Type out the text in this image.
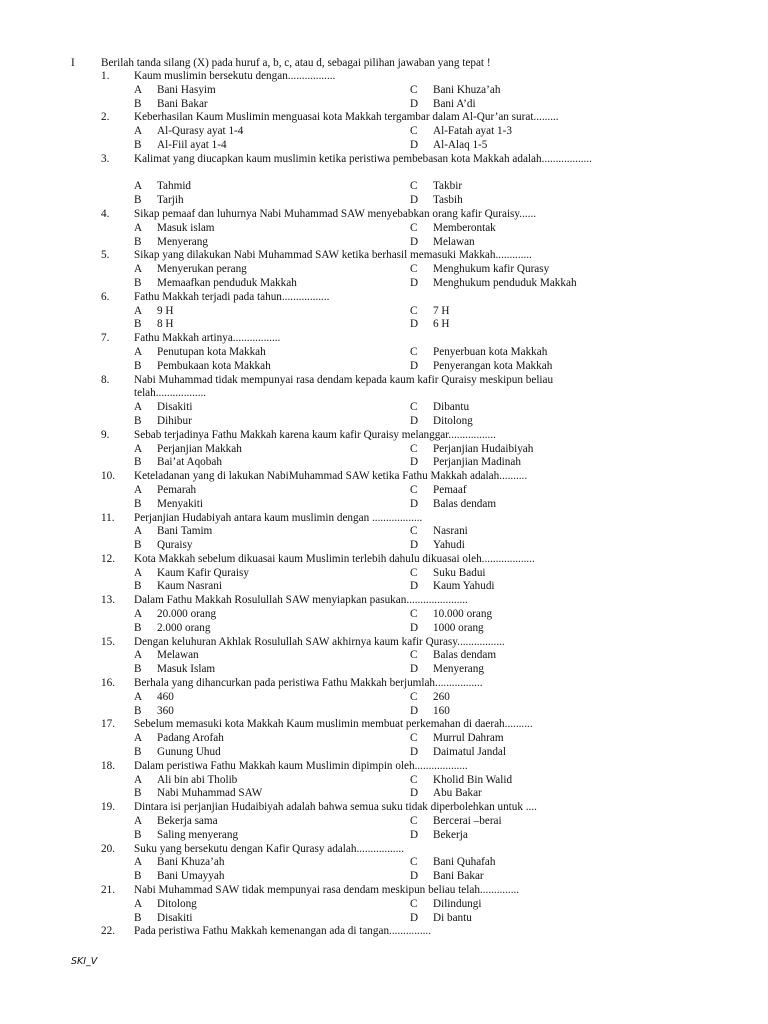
I Berilah tanda silang (X) pada huruf a, b, c, atau d, sebagai pilihan jawaban yang tepat !
1. Kaum muslimin bersekutu dengan.................
A Bani Hasyim	C Bani Khuza’ah
B Bani Bakar	D Bani A’di
2. Keberhasilan Kaum Muslimin menguasai kota Makkah tergambar dalam Al-Qur’an surat.........
A Al-Qurasy ayat 1-4	C Al-Fatah ayat 1-3
B Al-Fiil ayat 1-4	D Al-Alaq 1-5
3. Kalimat yang diucapkan kaum muslimin ketika peristiwa pembebasan kota Makkah adalah..................
A Tahmid	C Takbir
B Tarjih	D Tasbih
4. Sikap pemaaf dan luhurnya Nabi Muhammad SAW menyebabkan orang kafir Quraisy......
A Masuk islam	C Memberontak
B Menyerang	D Melawan
5. Sikap yang dilakukan Nabi Muhammad SAW ketika berhasil memasuki Makkah.............
A Menyerukan perang	C Menghukum kafir Qurasy
B Memaafkan penduduk Makkah	D Menghukum penduduk Makkah
6. Fathu Makkah terjadi pada tahun.................
A 9 H	C 7 H
B 8 H	D 6 H
7. Fathu Makkah artinya.................
A Penutupan kota Makkah	C Penyerbuan kota Makkah
B Pembukaan kota Makkah	D Penyerangan kota Makkah
8. Nabi Muhammad tidak mempunyai rasa dendam kepada kaum kafir Quraisy meskipun beliau telah..................
A Disakiti	C Dibantu
B Dihibur	D Ditolong
9. Sebab terjadinya Fathu Makkah karena kaum kafir Quraisy melanggar.................
A Perjanjian Makkah	C Perjanjian Hudaibiyah
B Bai’at Aqobah	D Perjanjian Madinah
10. Keteladanan yang di lakukan NabiMuhammad SAW ketika Fathu Makkah adalah..........
A Pemarah	C Pemaaf
B Menyakiti	D Balas dendam
11. Perjanjian Hudabiyah antara kaum muslimin dengan ..................
A Bani Tamim	C Nasrani
B Quraisy	D Yahudi
12. Kota Makkah sebelum dikuasai kaum Muslimin terlebih dahulu dikuasai oleh...................
A Kaum Kafir Quraisy	C Suku Badui
B Kaum Nasrani	D Kaum Yahudi
13. Dalam Fathu Makkah Rosulullah SAW menyiapkan pasukan......................
A 20.000 orang	C 10.000 orang
B 2.000 orang	D 1000 orang
15. Dengan keluhuran Akhlak Rosulullah SAW akhirnya kaum kafir Qurasy.................
A Melawan	C Balas dendam
B Masuk Islam	D Menyerang
16. Berhala yang dihancurkan pada peristiwa Fathu Makkah berjumlah.................
A 460	C 260
B 360	D 160
17. Sebelum memasuki kota Makkah Kaum muslimin membuat perkemahan di daerah..........
A Padang Arofah	C Murrul Dahram
B Gunung Uhud	D Daimatul Jandal
18. Dalam peristiwa Fathu Makkah kaum Muslimin dipimpin oleh...................
A Ali bin abi Tholib	C Kholid Bin Walid
B Nabi Muhammad SAW	D Abu Bakar
19. Dintara isi perjanjian Hudaibiyah adalah bahwa semua suku tidak diperbolehkan untuk ....
A Bekerja sama	C Bercerai –berai
B Saling menyerang	D Bekerja
20. Suku yang bersekutu dengan Kafir Qurasy adalah.................
A Bani Khuza’ah	C Bani Quhafah
B Bani Umayyah	D Bani Bakar
21. Nabi Muhammad SAW tidak mempunyai rasa dendam meskipun beliau telah..............
A Ditolong	C Dilindungi
B Disakiti	D Di bantu
22. Pada peristiwa Fathu Makkah kemenangan ada di tangan...............
SKI_V
